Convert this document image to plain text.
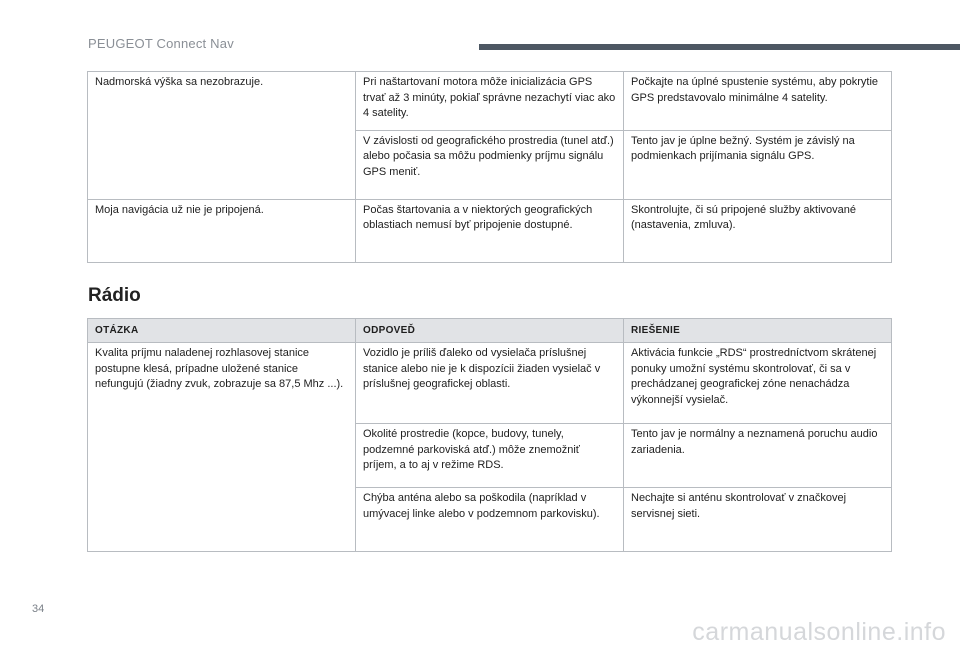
PEUGEOT Connect Nav
Nadmorská výška sa nezobrazuje.	Pri naštartovaní motora môže inicializácia GPS trvať až 3 minúty, pokiaľ správne nezachytí viac ako 4 satelity.	Počkajte na úplné spustenie systému, aby pokrytie GPS predstavovalo minimálne 4 satelity.
	V závislosti od geografického prostredia (tunel atď.) alebo počasia sa môžu podmienky príjmu signálu GPS meniť.	Tento jav je úplne bežný. Systém je závislý na podmienkach prijímania signálu GPS.
Moja navigácia už nie je pripojená.	Počas štartovania a v niektorých geografických oblastiach nemusí byť pripojenie dostupné.	Skontrolujte, či sú pripojené služby aktivované (nastavenia, zmluva).
Rádio
OTÁZKA	ODPOVEĎ	RIEŠENIE
Kvalita príjmu naladenej rozhlasovej stanice postupne klesá, prípadne uložené stanice nefungujú (žiadny zvuk, zobrazuje sa 87,5 Mhz ...).	Vozidlo je príliš ďaleko od vysielača príslušnej stanice alebo nie je k dispozícii žiaden vysielač v príslušnej geografickej oblasti.	Aktivácia funkcie „RDS“ prostredníctvom skrátenej ponuky umožní systému skontrolovať, či sa v prechádzanej geografickej zóne nenachádza výkonnejší vysielač.
	Okolité prostredie (kopce, budovy, tunely, podzemné parkoviská atď.) môže znemožniť príjem, a to aj v režime RDS.	Tento jav je normálny a neznamená poruchu audio zariadenia.
	Chýba anténa alebo sa poškodila (napríklad v umývacej linke alebo v podzemnom parkovisku).	Nechajte si anténu skontrolovať v značkovej servisnej sieti.
34
carmanualsonline.info
